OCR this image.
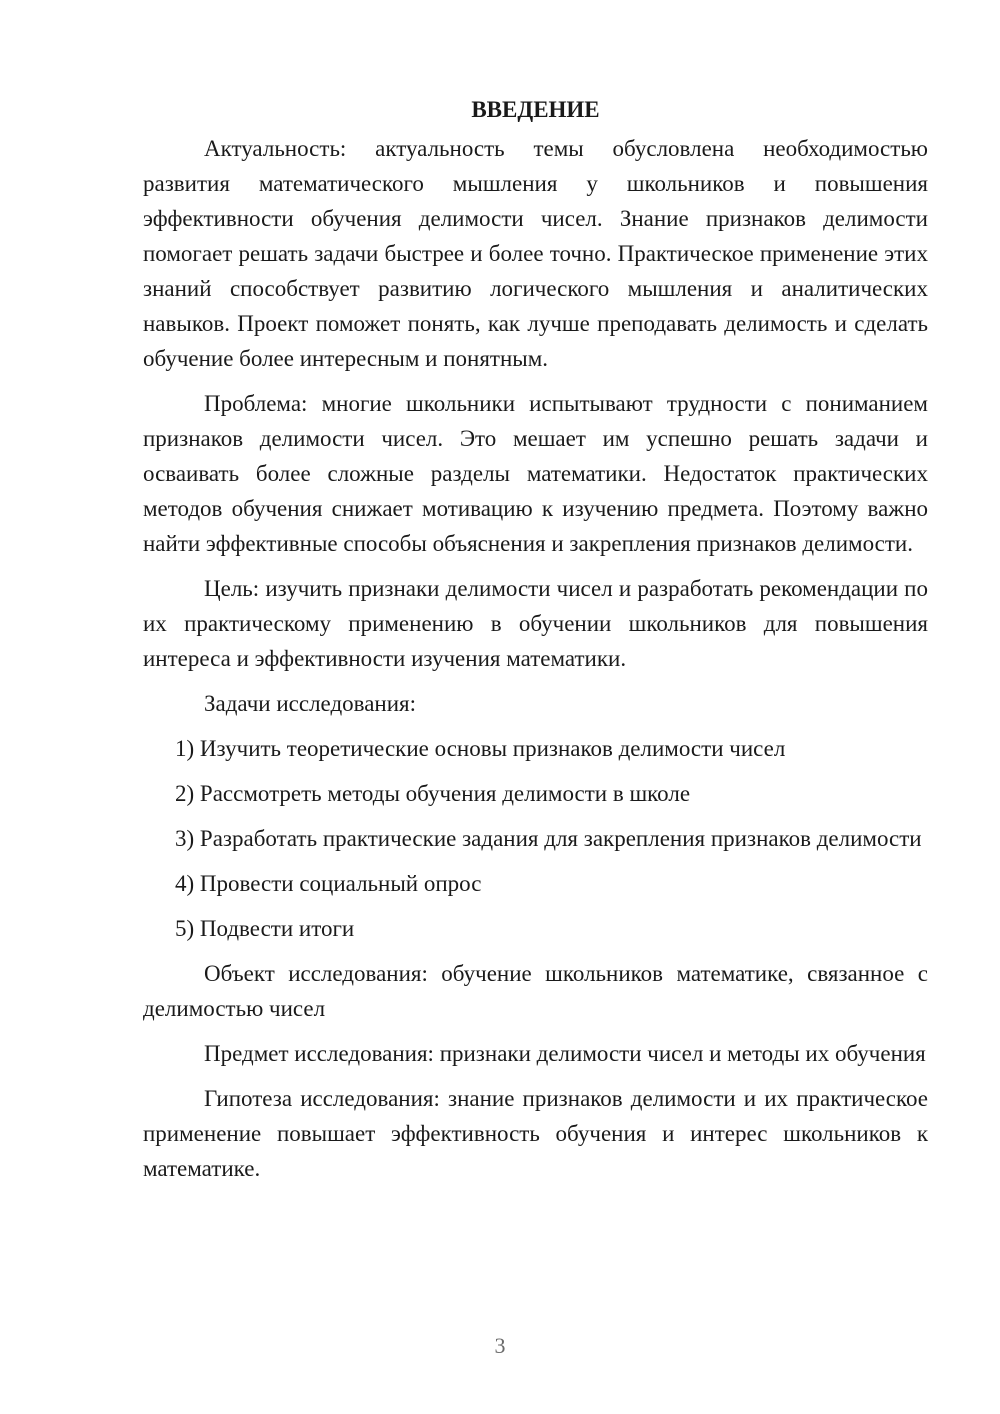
ВВЕДЕНИЕ

Актуальность: актуальность темы обусловлена необходимостью развития математического мышления у школьников и повышения эффективности обучения делимости чисел. Знание признаков делимости помогает решать задачи быстрее и более точно. Практическое применение этих знаний способствует развитию логического мышления и аналитических навыков. Проект поможет понять, как лучше преподавать делимость и сделать обучение более интересным и понятным.

Проблема: многие школьники испытывают трудности с пониманием признаков делимости чисел. Это мешает им успешно решать задачи и осваивать более сложные разделы математики. Недостаток практических методов обучения снижает мотивацию к изучению предмета. Поэтому важно найти эффективные способы объяснения и закрепления признаков делимости.

Цель: изучить признаки делимости чисел и разработать рекомендации по их практическому применению в обучении школьников для повышения интереса и эффективности изучения математики.

Задачи исследования:

1) Изучить теоретические основы признаков делимости чисел

2) Рассмотреть методы обучения делимости в школе

3) Разработать практические задания для закрепления признаков делимости

4) Провести социальный опрос

5) Подвести итоги

Объект исследования: обучение школьников математике, связанное с делимостью чисел

Предмет исследования: признаки делимости чисел и методы их обучения

Гипотеза исследования: знание признаков делимости и их практическое применение повышает эффективность обучения и интерес школьников к математике.

3
